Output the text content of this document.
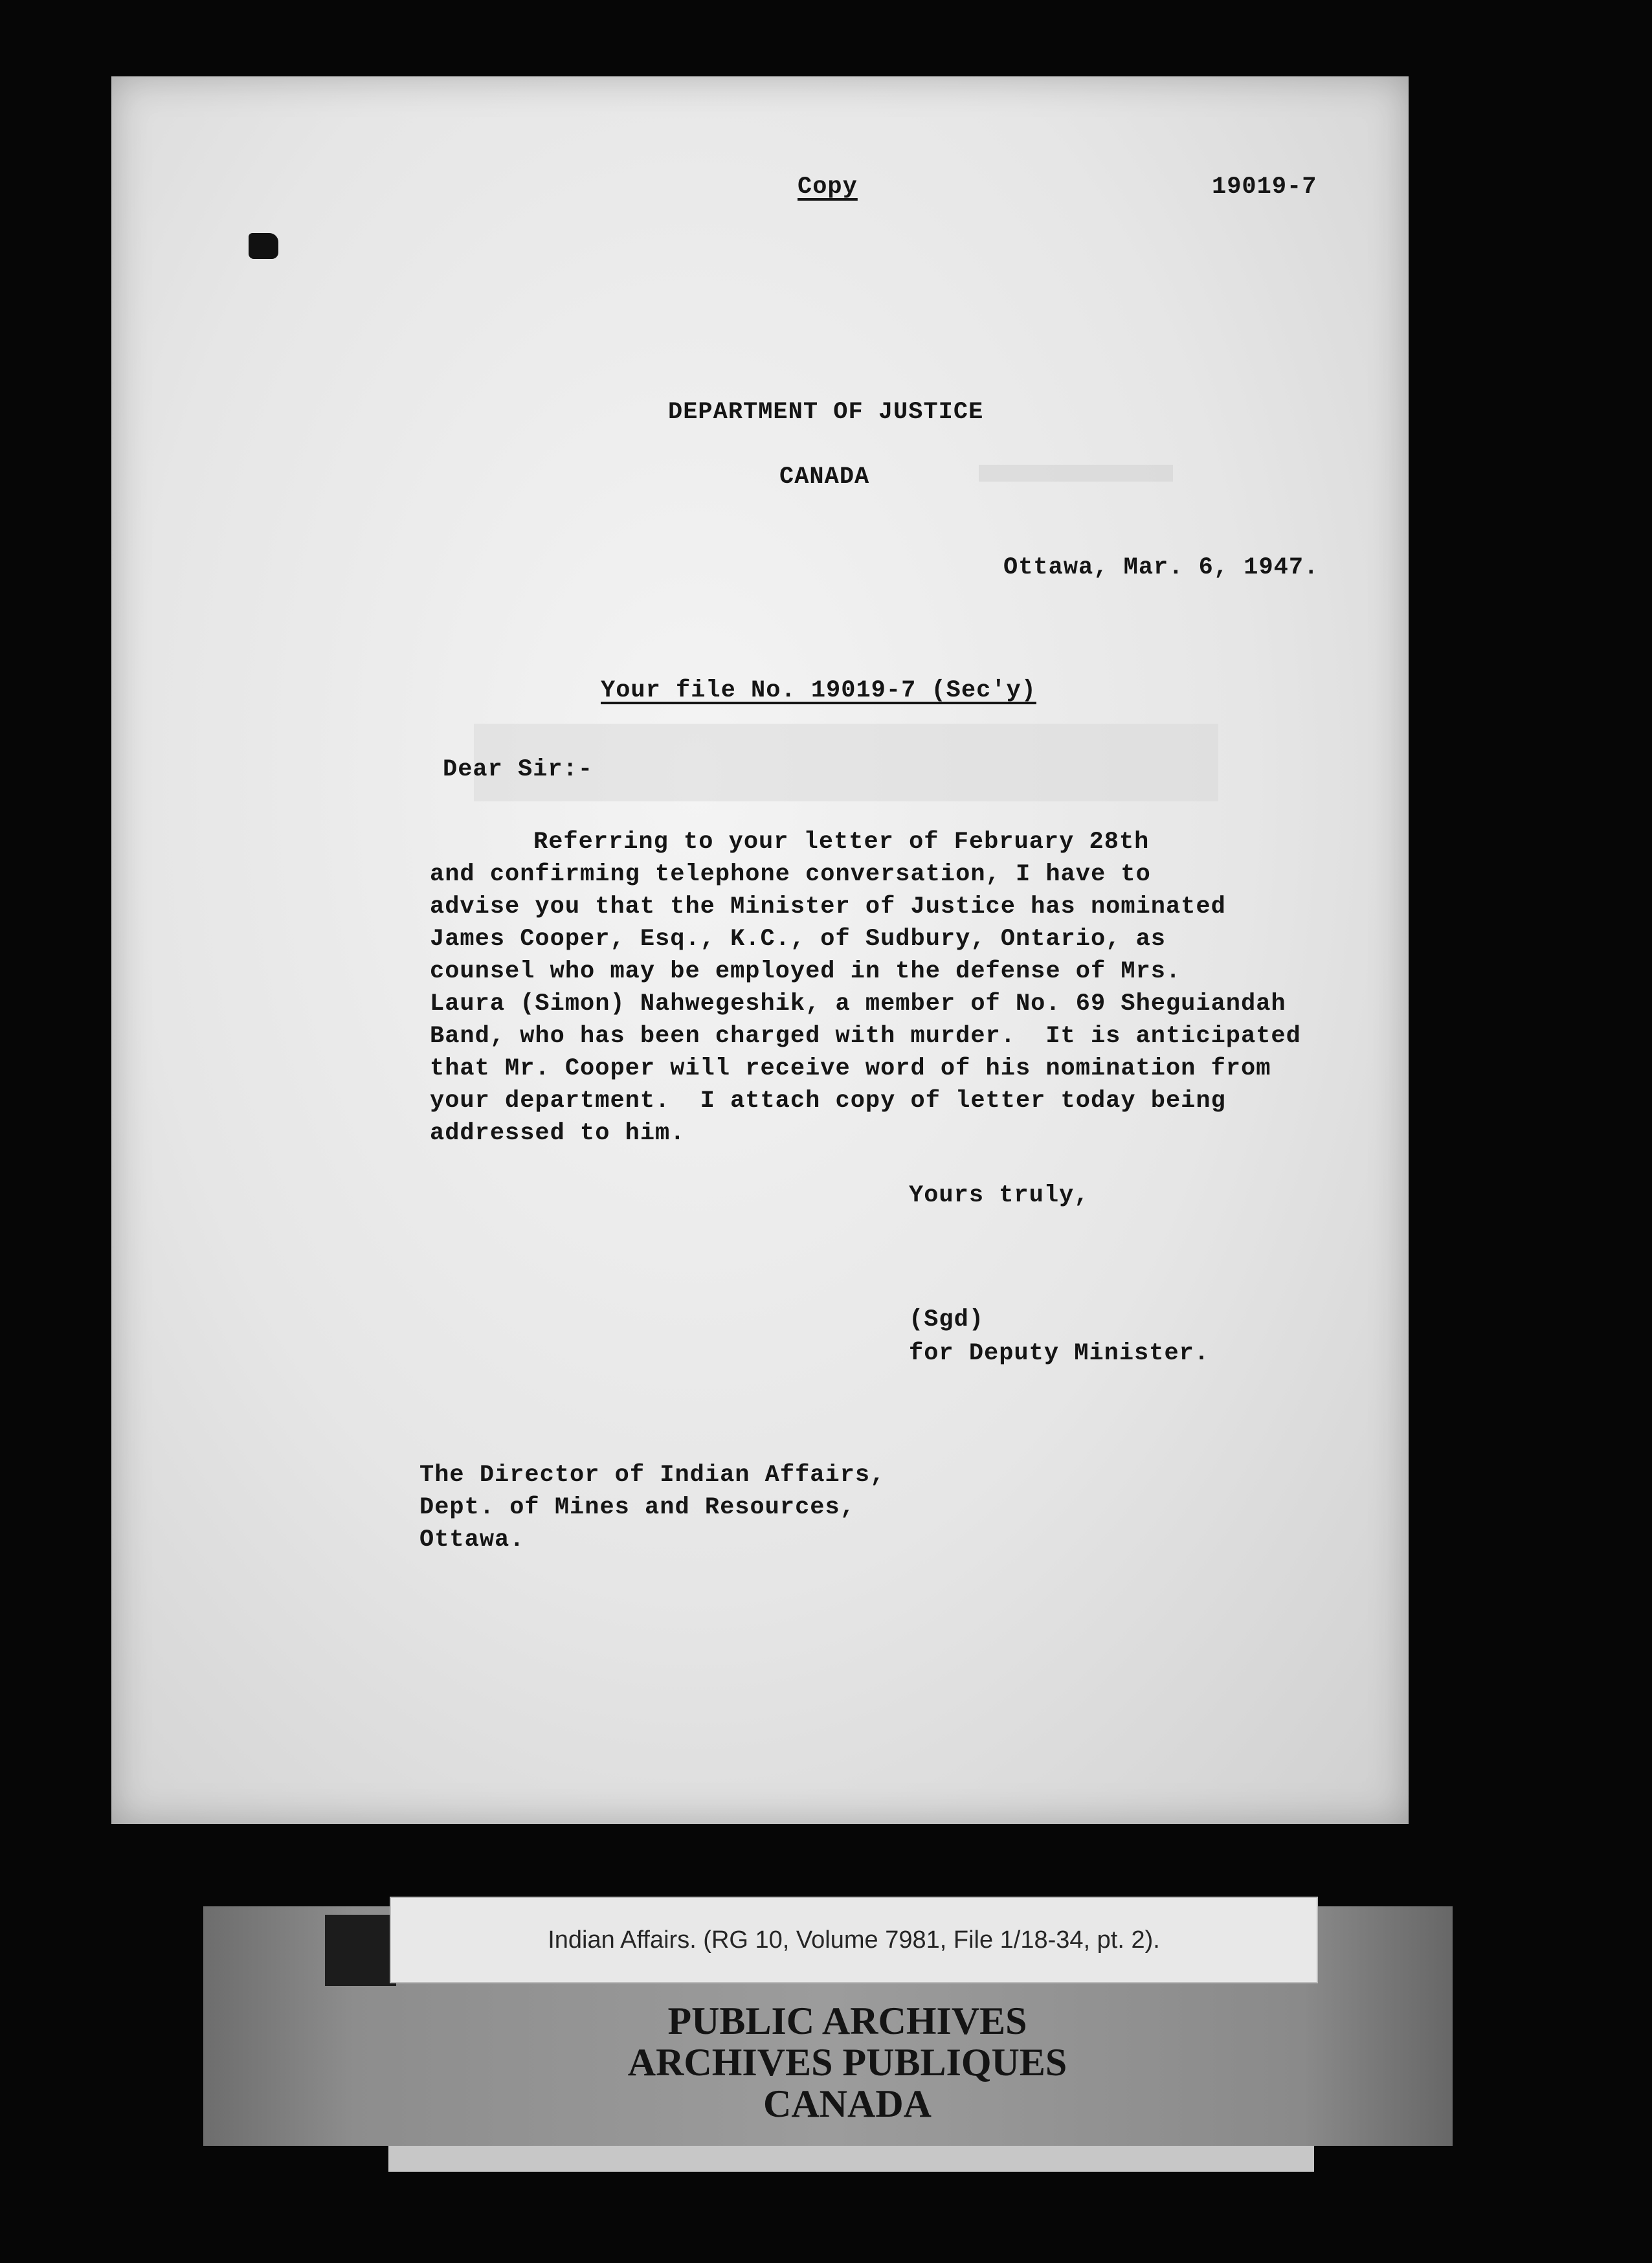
Copy	19019-7

DEPARTMENT OF JUSTICE

CANADA

Ottawa, Mar. 6, 1947.

Your file No. 19019-7 (Sec'y)

Dear Sir:-

Referring to your letter of February 28th

and confirming telephone conversation, I have to

advise you that the Minister of Justice has nominated

James Cooper, Esq., K.C., of Sudbury, Ontario, as

counsel who may be employed in the defense of Mrs.

Laura (Simon) Nahwegeshik, a member of No. 69 Sheguiandah

Band, who has been charged with murder.  It is anticipated

that Mr. Cooper will receive word of his nomination from

your department.  I attach copy of letter today being

addressed to him.

Yours truly,

(Sgd)

for Deputy Minister.

The Director of Indian Affairs,

Dept. of Mines and Resources,

Ottawa.

Indian Affairs. (RG 10, Volume 7981, File 1/18-34, pt. 2).
PUBLIC ARCHIVES
ARCHIVES PUBLIQUES
CANADA
